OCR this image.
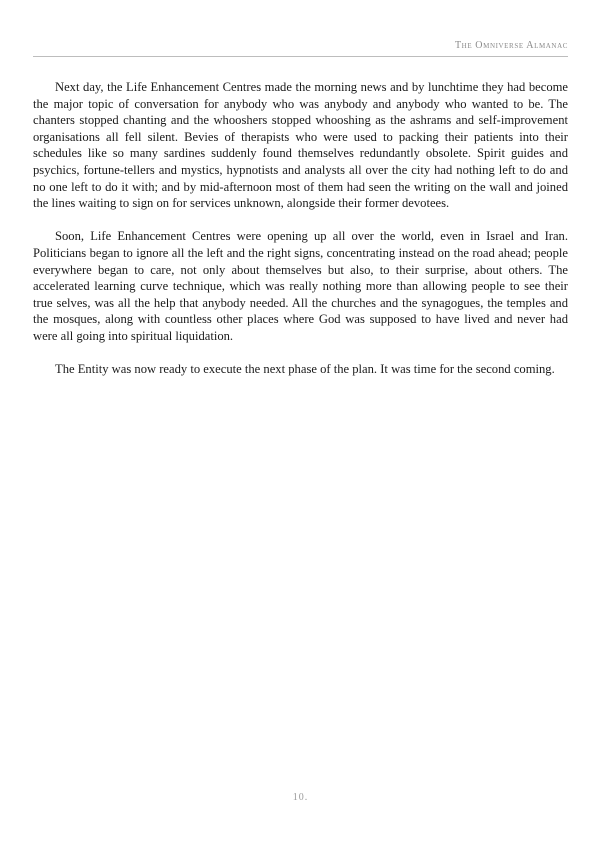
The Omniverse Almanac

Next day, the Life Enhancement Centres made the morning news and by lunchtime they had become the major topic of conversation for anybody who was anybody and anybody who wanted to be. The chanters stopped chanting and the whooshers stopped whooshing as the ashrams and self-improvement organisations all fell silent. Bevies of therapists who were used to packing their patients into their schedules like so many sardines suddenly found themselves redundantly obsolete. Spirit guides and psychics, fortune-tellers and mystics, hypnotists and analysts all over the city had nothing left to do and no one left to do it with; and by mid-afternoon most of them had seen the writing on the wall and joined the lines waiting to sign on for services unknown, alongside their former devotees.

Soon, Life Enhancement Centres were opening up all over the world, even in Israel and Iran. Politicians began to ignore all the left and the right signs, concentrating instead on the road ahead; people everywhere began to care, not only about themselves but also, to their surprise, about others. The accelerated learning curve technique, which was really nothing more than allowing people to see their true selves, was all the help that anybody needed. All the churches and the synagogues, the temples and the mosques, along with countless other places where God was supposed to have lived and never had were all going into spiritual liquidation.

The Entity was now ready to execute the next phase of the plan. It was time for the second coming.

10.
